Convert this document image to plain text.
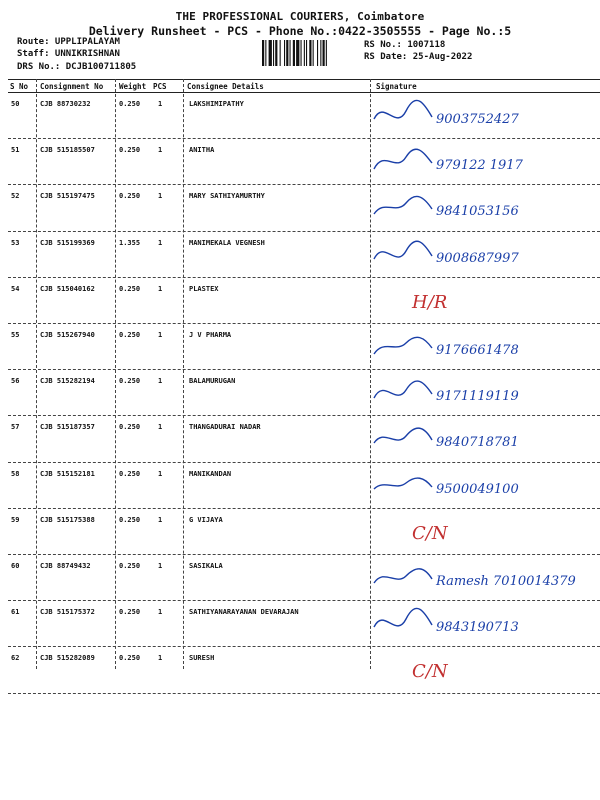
THE PROFESSIONAL COURIERS, Coimbatore
Delivery Runsheet - PCS - Phone No.:0422-3505555 - Page No.:5
Route: UPPLIPALAYAM
Staff: UNNIKRISHNAN
DRS No.: DCJB100711805
RS No.: 1007118
RS Date: 25-Aug-2022
S No Consignment No Weight PCS	Consignee Details	Signature
50	CJB 88730232	0.250	1	LAKSHIMIPATHY
9003752427
51	CJB 515185507	0.250	1	ANITHA
979122 1917
52	CJB 515197475	0.250	1	MARY SATHIYAMURTHY
9841053156
53	CJB 515199369	1.355	1	MANIMEKALA VEGNESH
9008687997
54	CJB 515040162	0.250	1	PLASTEX
H/R
55	CJB 515267940	0.250	1	J V PHARMA
9176661478
56	CJB 515282194	0.250	1	BALAMURUGAN
9171119119
57	CJB 515187357	0.250	1	THANGADURAI NADAR
9840718781
58	CJB 515152181	0.250	1	MANIKANDAN
9500049100
59	CJB 515175388	0.250	1	G VIJAYA
C/N
60	CJB 88749432	0.250	1	SASIKALA
Ramesh 7010014379
61	CJB 515175372	0.250	1	SATHIYANARAYANAN DEVARAJAN
9843190713
62	CJB 515282089	0.250	1	SURESH
C/N
